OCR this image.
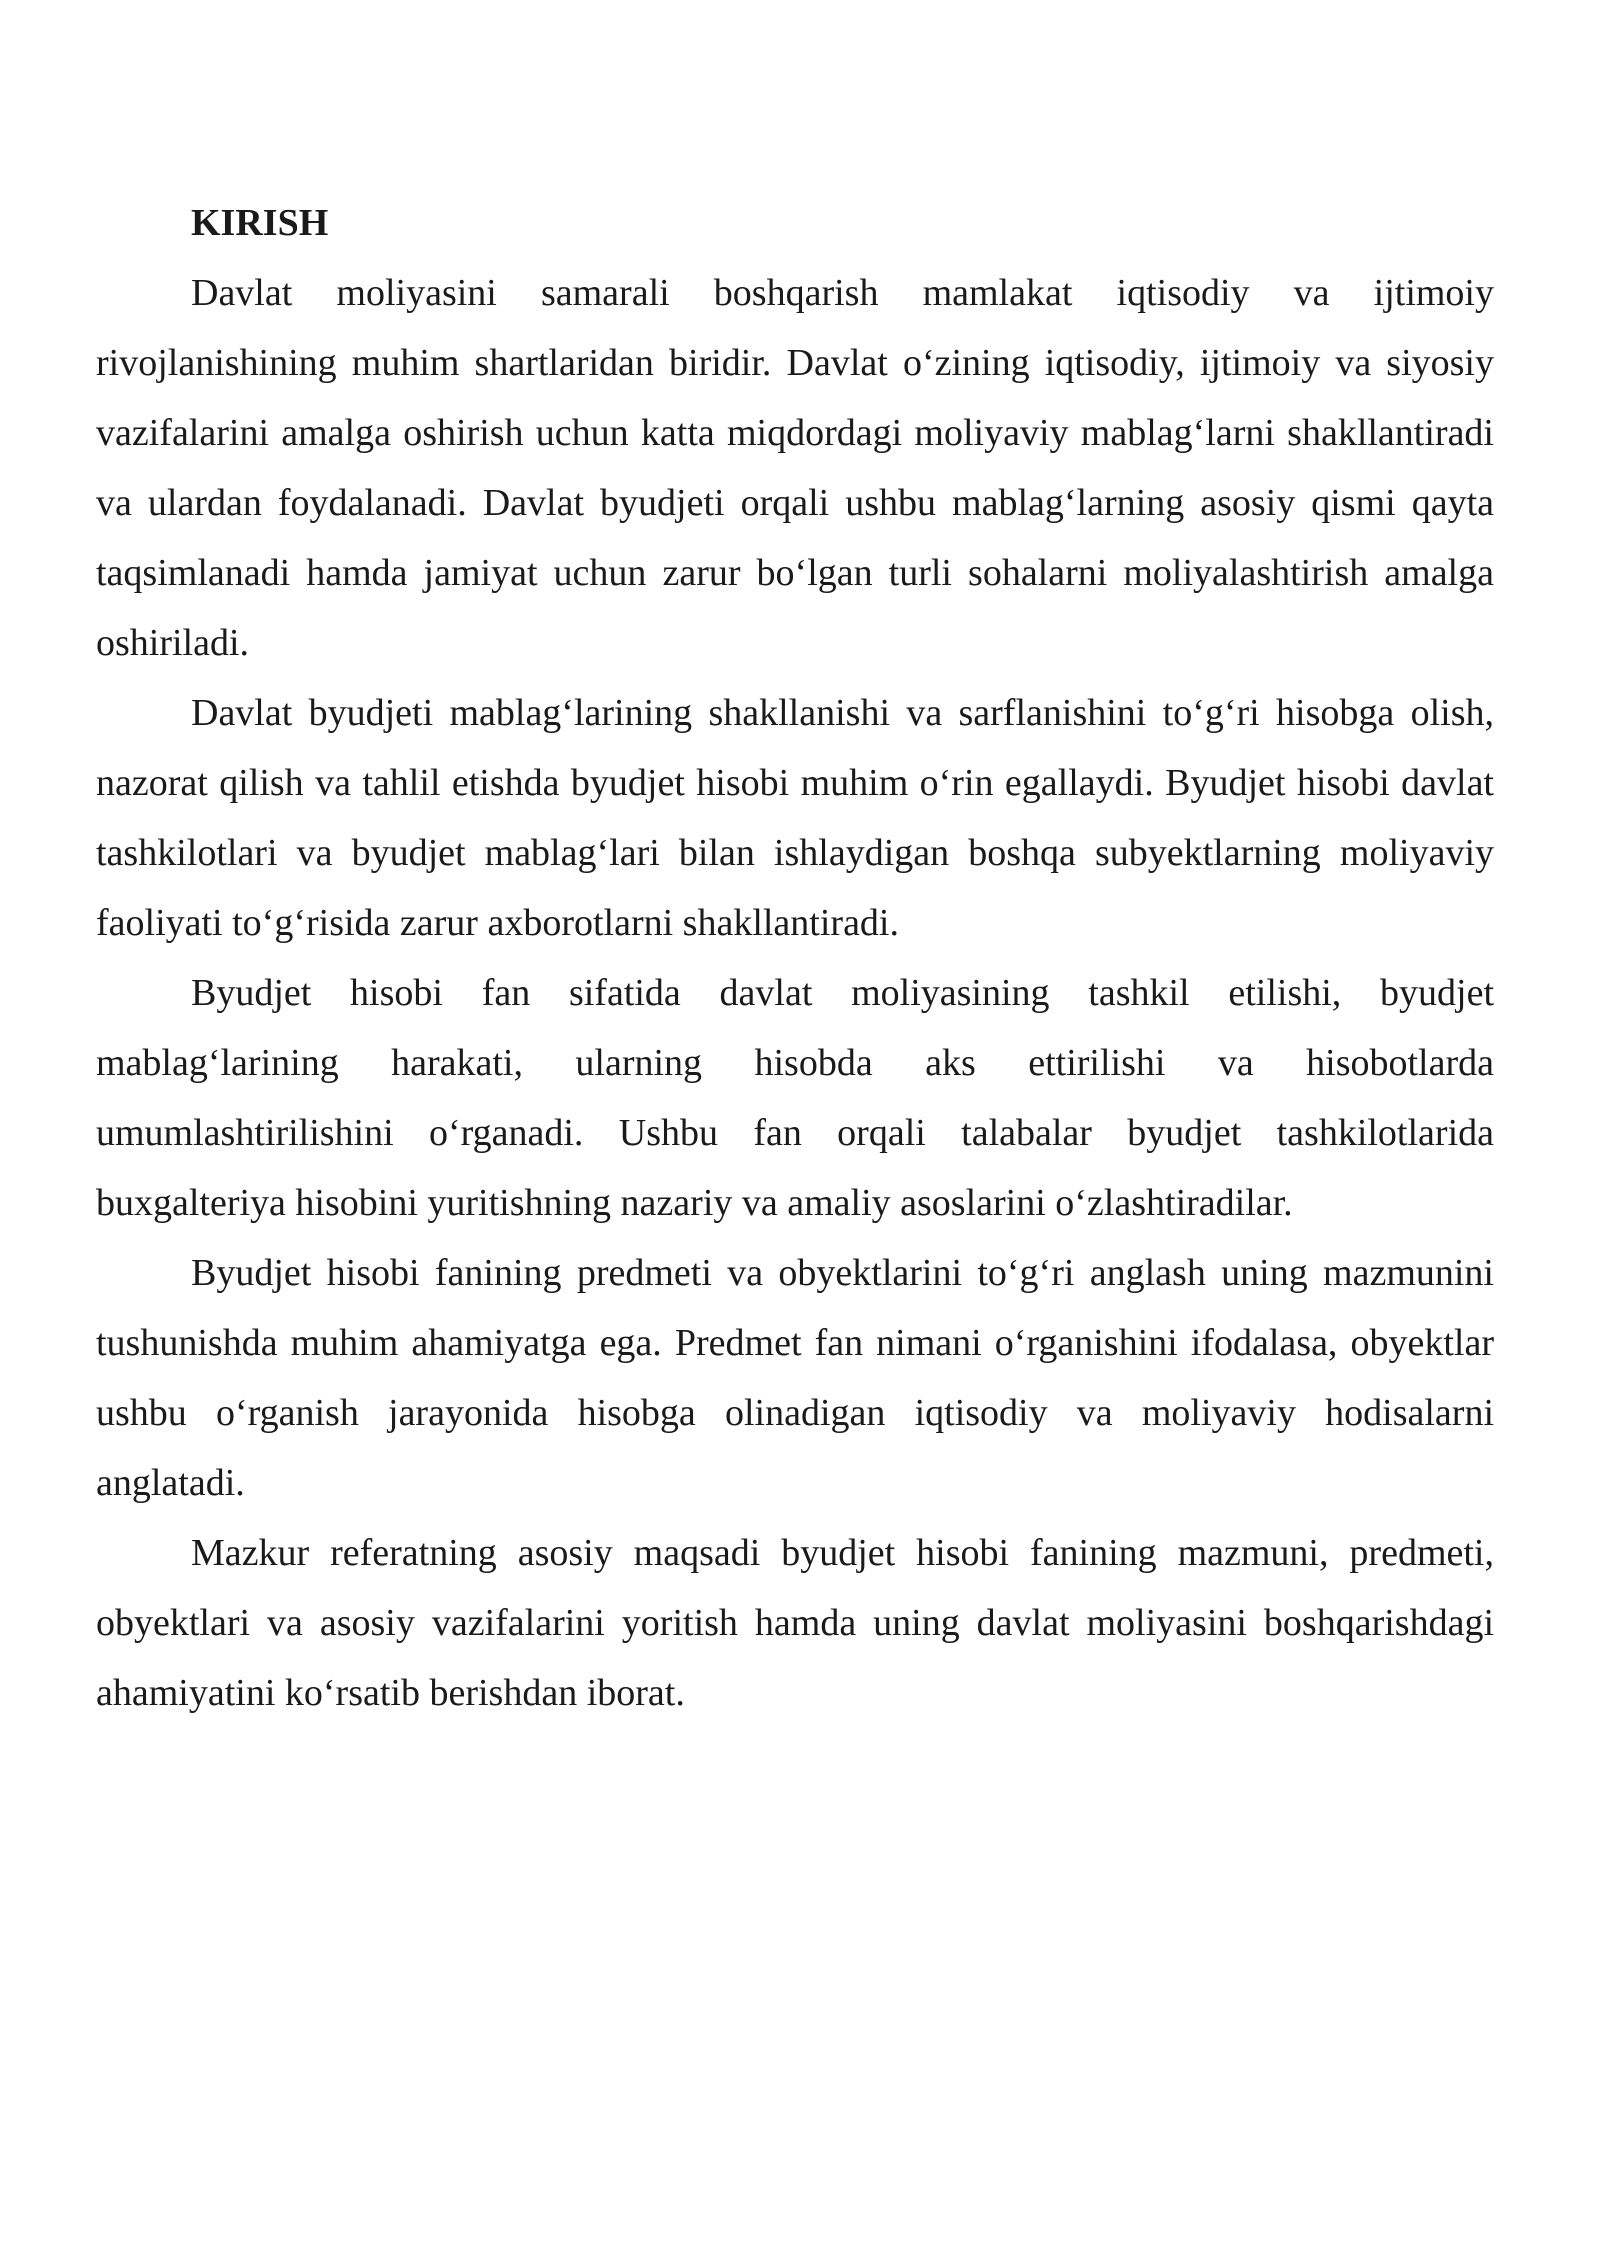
KIRISH

Davlat moliyasini samarali boshqarish mamlakat iqtisodiy va ijtimoiy rivojlanishining muhim shartlaridan biridir. Davlat o‘zining iqtisodiy, ijtimoiy va siyosiy vazifalarini amalga oshirish uchun katta miqdordagi moliyaviy mablag‘larni shakllantiradi va ulardan foydalanadi. Davlat byudjeti orqali ushbu mablag‘larning asosiy qismi qayta taqsimlanadi hamda jamiyat uchun zarur bo‘lgan turli sohalarni moliyalashtirish amalga oshiriladi.

Davlat byudjeti mablag‘larining shakllanishi va sarflanishini to‘g‘ri hisobga olish, nazorat qilish va tahlil etishda byudjet hisobi muhim o‘rin egallaydi. Byudjet hisobi davlat tashkilotlari va byudjet mablag‘lari bilan ishlaydigan boshqa subyektlarning moliyaviy faoliyati to‘g‘risida zarur axborotlarni shakllantiradi.

Byudjet hisobi fan sifatida davlat moliyasining tashkil etilishi, byudjet mablag‘larining harakati, ularning hisobda aks ettirilishi va hisobotlarda umumlashtirilishini o‘rganadi. Ushbu fan orqali talabalar byudjet tashkilotlarida buxgalteriya hisobini yuritishning nazariy va amaliy asoslarini o‘zlashtiradilar.

Byudjet hisobi fanining predmeti va obyektlarini to‘g‘ri anglash uning mazmunini tushunishda muhim ahamiyatga ega. Predmet fan nimani o‘rganishini ifodalasa, obyektlar ushbu o‘rganish jarayonida hisobga olinadigan iqtisodiy va moliyaviy hodisalarni anglatadi.

Mazkur referatning asosiy maqsadi byudjet hisobi fanining mazmuni, predmeti, obyektlari va asosiy vazifalarini yoritish hamda uning davlat moliyasini boshqarishdagi ahamiyatini ko‘rsatib berishdan iborat.
